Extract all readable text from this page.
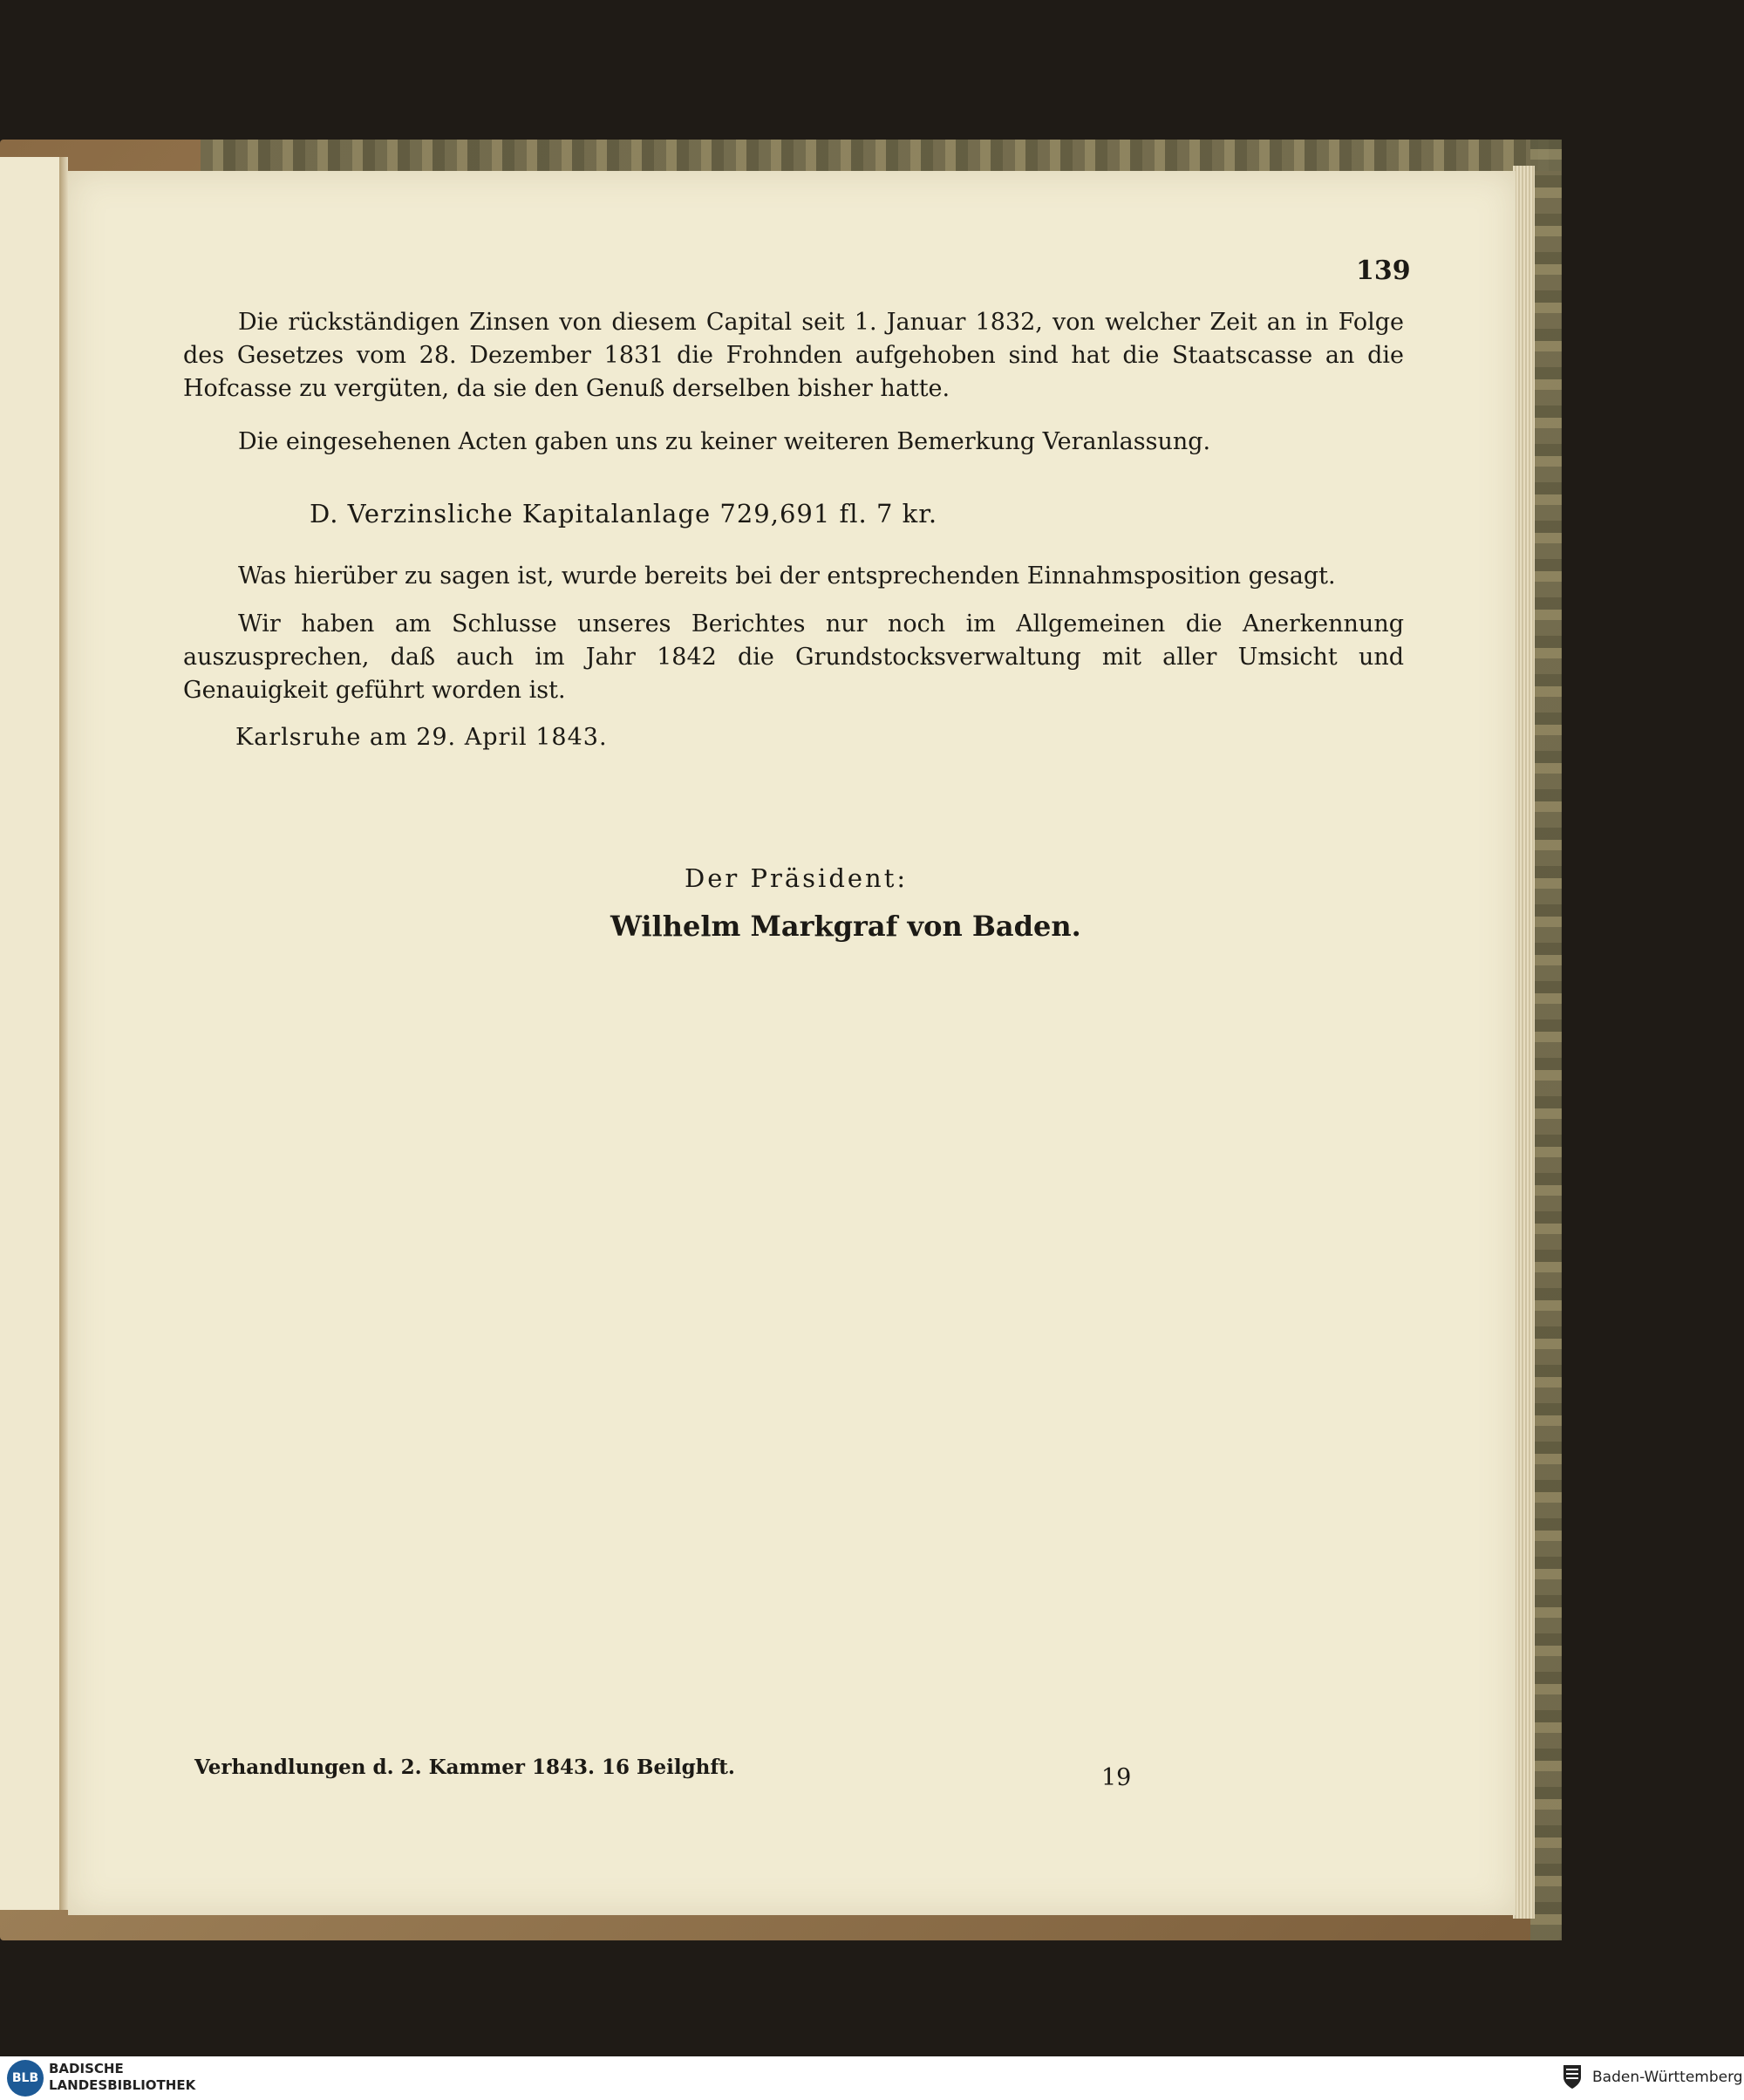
139
Die rückständigen Zinsen von diesem Capital seit 1. Januar 1832, von welcher Zeit an in Folge des Gesetzes vom 28. Dezember 1831 die Frohnden aufgehoben sind hat die Staatscasse an die Hofcasse zu vergüten, da sie den Genuß derselben bisher hatte.
Die eingesehenen Acten gaben uns zu keiner weiteren Bemerkung Veranlassung.
D. Verzinsliche Kapitalanlage 729,691 fl. 7 kr.
Was hierüber zu sagen ist, wurde bereits bei der entsprechenden Einnahmsposition gesagt.
Wir haben am Schlusse unseres Berichtes nur noch im Allgemeinen die Anerkennung auszusprechen, daß auch im Jahr 1842 die Grundstocksverwaltung mit aller Umsicht und Genauigkeit geführt worden ist.
Karlsruhe am 29. April 1843.
Der Präsident:
Wilhelm Markgraf von Baden.
Verhandlungen d. 2. Kammer 1843. 16 Beilghft.	19
BLB
BADISCHE
LANDESBIBLIOTHEK	Baden-Württemberg
